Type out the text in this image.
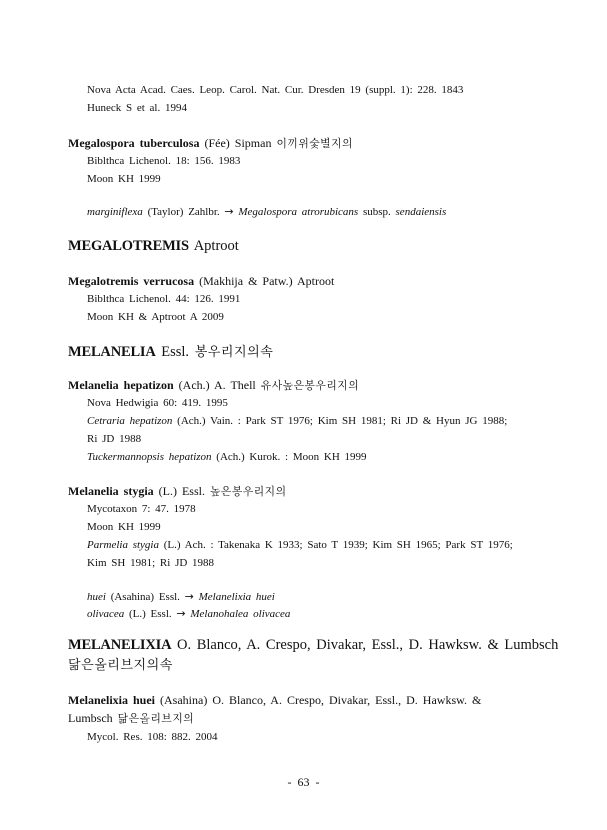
Nova Acta Acad. Caes. Leop. Carol. Nat. Cur. Dresden 19 (suppl. 1): 228. 1843
Huneck S et al. 1994
Megalospora tuberculosa (Fée) Sipman 이끼위숯별지의
Biblthca Lichenol. 18: 156. 1983
Moon KH 1999
marginiflexa (Taylor) Zahlbr. → Megalospora atrorubicans subsp. sendaiensis
MEGALOTREMIS Aptroot
Megalotremis verrucosa (Makhija & Patw.) Aptroot
Biblthca Lichenol. 44: 126. 1991
Moon KH & Aptroot A 2009
MELANELIA Essl. 봉우리지의속
Melanelia hepatizon (Ach.) A. Thell 유사높은봉우리지의
Nova Hedwigia 60: 419. 1995
Cetraria hepatizon (Ach.) Vain. : Park ST 1976; Kim SH 1981; Ri JD & Hyun JG 1988;
Ri JD 1988
Tuckermannopsis hepatizon (Ach.) Kurok. : Moon KH 1999
Melanelia stygia (L.) Essl. 높은봉우리지의
Mycotaxon 7: 47. 1978
Moon KH 1999
Parmelia stygia (L.) Ach. : Takenaka K 1933; Sato T 1939; Kim SH 1965; Park ST 1976;
Kim SH 1981; Ri JD 1988
huei (Asahina) Essl. → Melanelixia huei
olivacea (L.) Essl. → Melanohalea olivacea
MELANELIXIA O. Blanco, A. Crespo, Divakar, Essl., D. Hawksw. & Lumbsch
닮은올리브지의속
Melanelixia huei (Asahina) O. Blanco, A. Crespo, Divakar, Essl., D. Hawksw. &
Lumbsch 닮은올리브지의
Mycol. Res. 108: 882. 2004
- 63 -
